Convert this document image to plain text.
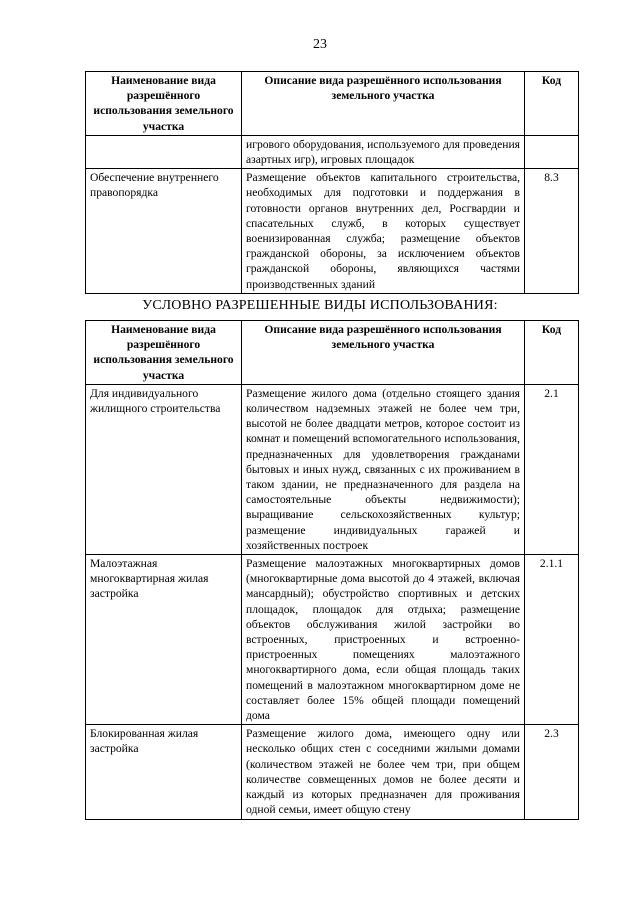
23
Наименование вида разрешённого использования земельного участка	Описание вида разрешённого использования земельного участка	Код
	игрового оборудования, используемого для проведения азартных игр), игровых площадок	
Обеспечение внутреннего правопорядка	Размещение объектов капитального строительства, необходимых для подготовки и поддержания в готовности органов внутренних дел, Росгвардии и спасательных служб, в которых существует военизированная служба; размещение объектов гражданской обороны, за исключением объектов гражданской обороны, являющихся частями производственных зданий	8.3
УСЛОВНО РАЗРЕШЕННЫЕ ВИДЫ ИСПОЛЬЗОВАНИЯ:
Наименование вида разрешённого использования земельного участка	Описание вида разрешённого использования земельного участка	Код
Для индивидуального жилищного строительства	Размещение жилого дома (отдельно стоящего здания количеством надземных этажей не более чем три, высотой не более двадцати метров, которое состоит из комнат и помещений вспомогательного использования, предназначенных для удовлетворения гражданами бытовых и иных нужд, связанных с их проживанием в таком здании, не предназначенного для раздела на самостоятельные объекты недвижимости); выращивание сельскохозяйственных культур; размещение индивидуальных гаражей и хозяйственных построек	2.1
Малоэтажная многоквартирная жилая застройка	Размещение малоэтажных многоквартирных домов (многоквартирные дома высотой до 4 этажей, включая мансардный); обустройство спортивных и детских площадок, площадок для отдыха; размещение объектов обслуживания жилой застройки во встроенных, пристроенных и встроенно-пристроенных помещениях малоэтажного многоквартирного дома, если общая площадь таких помещений в малоэтажном многоквартирном доме не составляет более 15% общей площади помещений дома	2.1.1
Блокированная жилая застройка	Размещение жилого дома, имеющего одну или несколько общих стен с соседними жилыми домами (количеством этажей не более чем три, при общем количестве совмещенных домов не более десяти и каждый из которых предназначен для проживания одной семьи, имеет общую стену	2.3
